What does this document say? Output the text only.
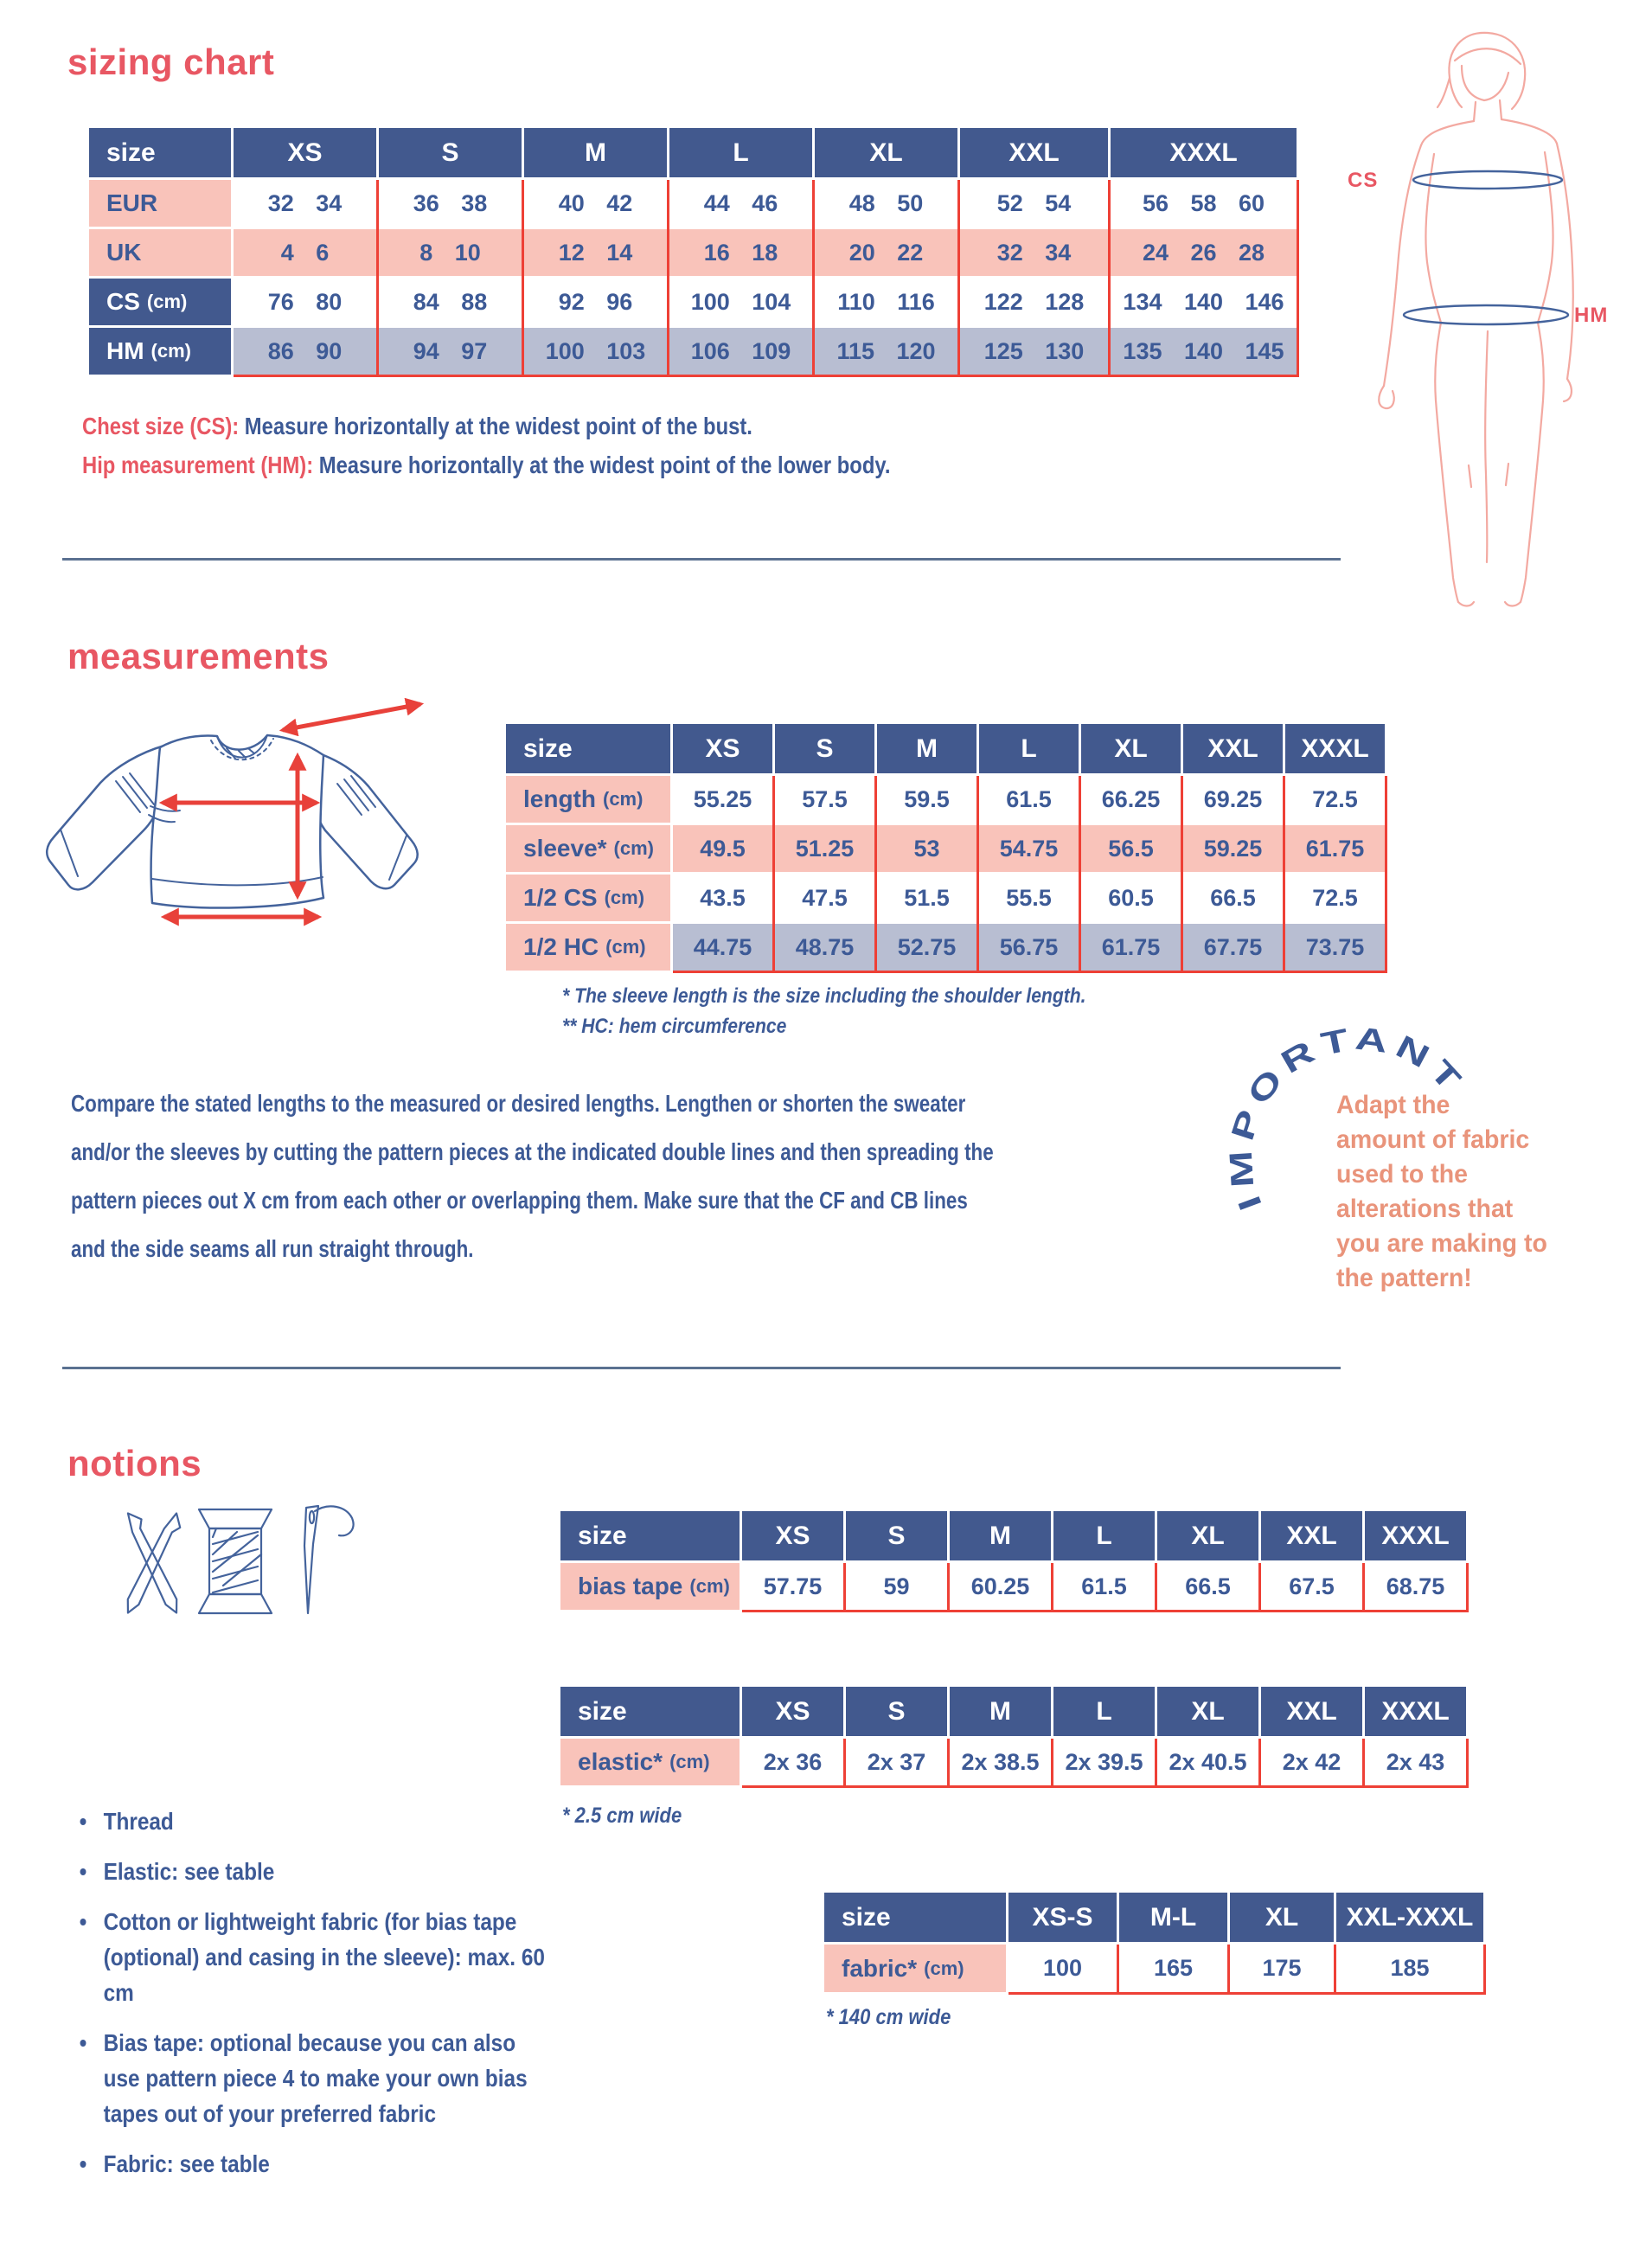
sizing chart
size	XS	S	M	L	XL	XXL	XXXL
EUR	32 34	36 38	40 42	44 46	48 50	52 54	56 58 60
UK	4 6	8 10	12 14	16 18	20 22	32 34	24 26 28
CS (cm)	76 80	84 88	92 96	100 104	110 116	122 128	134 140 146
HM (cm)	86 90	94 97	100 103	106 109	115 120	125 130	135 140 145
Chest size (CS): Measure horizontally at the widest point of the bust.
Hip measurement (HM): Measure horizontally at the widest point of the lower body.
CS
HM
measurements
size	XS	S	M	L	XL	XXL	XXXL
length (cm)	55.25	57.5	59.5	61.5	66.25	69.25	72.5
sleeve* (cm)	49.5	51.25	53	54.75	56.5	59.25	61.75
1/2 CS (cm)	43.5	47.5	51.5	55.5	60.5	66.5	72.5
1/2 HC (cm)	44.75	48.75	52.75	56.75	61.75	67.75	73.75
* The sleeve length is the size including the shoulder length.
** HC: hem circumference

Compare the stated lengths to the measured or desired lengths. Lengthen or shorten the sweater and/or the sleeves by cutting the pattern pieces at the indicated double lines and then spreading the pattern pieces out X cm from each other or overlapping them. Make sure that the CF and CB lines and the side seams all run straight through.

IMPORTANT
Adapt the
amount of fabric
used to the
alterations that
you are making to
the pattern!
notions
size	XS	S	M	L	XL	XXL	XXXL
bias tape (cm)	57.75	59	60.25	61.5	66.5	67.5	68.75
size	XS	S	M	L	XL	XXL	XXXL
elastic* (cm)	2x 36	2x 37	2x 38.5	2x 39.5	2x 40.5	2x 42	2x 43
* 2.5 cm wide
size	XS-S	M-L	XL	XXL-XXXL
fabric* (cm)	100	165	175	185
* 140 cm wide
• Thread
• Elastic: see table
• Cotton or lightweight fabric (for bias tape (optional) and casing in the sleeve): max. 60 cm
• Bias tape: optional because you can also use pattern piece 4 to make your own bias tapes out of your preferred fabric
• Fabric: see table
